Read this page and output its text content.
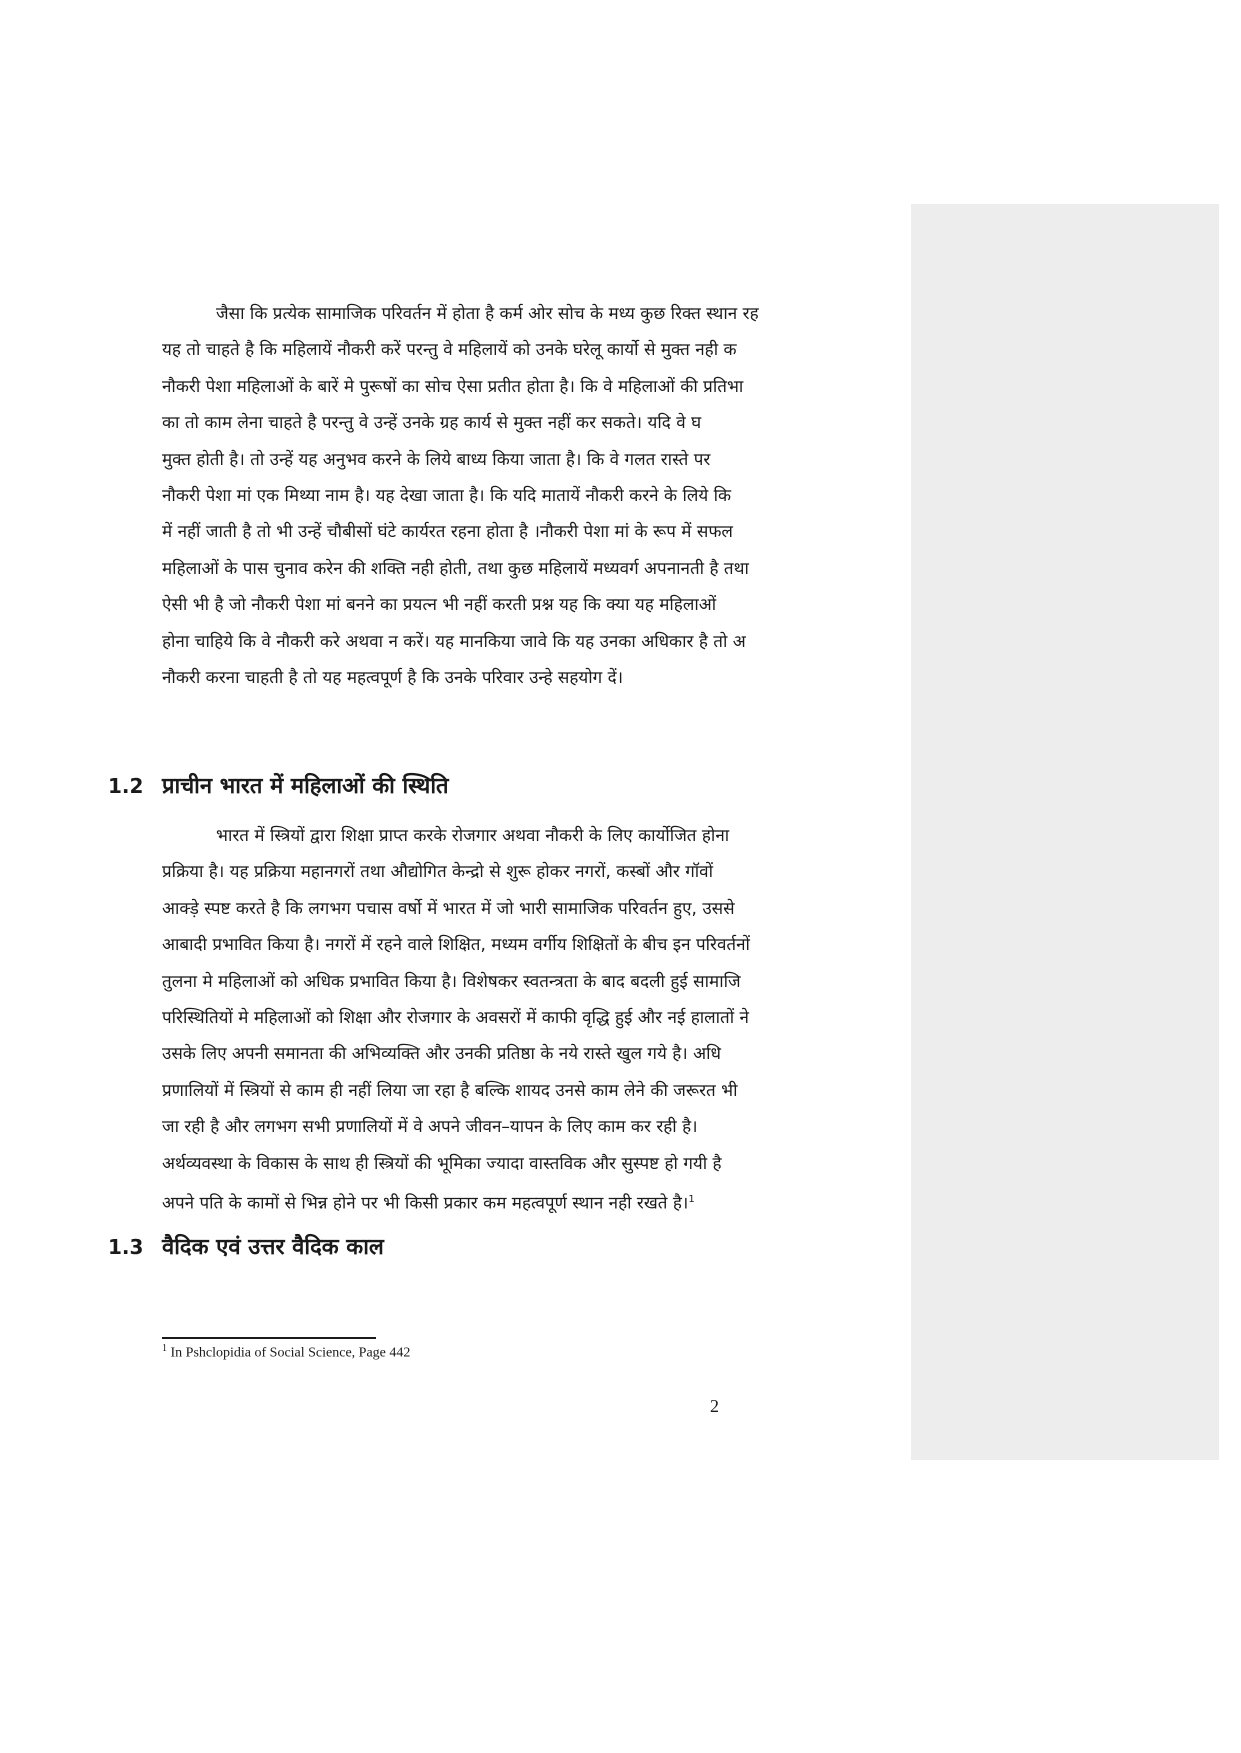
जैसा कि प्रत्येक सामाजिक परिवर्तन में होता है कर्म ओर सोच के मध्य कुछ रिक्त स्थान रह
यह तो चाहते है कि महिलायें नौकरी करें परन्तु वे महिलायें को उनके घरेलू कार्यो से मुक्त नही क
नौकरी पेशा महिलाओं के बारें मे पुरूषों का सोच ऐसा प्रतीत होता है। कि वे महिलाओं की प्रतिभा
का तो काम लेना चाहते है परन्तु वे उन्हें उनके ग्रह कार्य से मुक्त नहीं कर सकते। यदि वे घ
मुक्त होती है। तो उन्हें यह अनुभव करने के लिये बाध्य किया जाता है। कि वे गलत रास्ते पर
नौकरी पेशा मां एक मिथ्या नाम है। यह देखा जाता है। कि यदि मातायें नौकरी करने के लिये कि
में नहीं जाती है तो भी उन्हें चौबीसों घंटे कार्यरत रहना होता है ।नौकरी पेशा मां के रूप में सफल
महिलाओं के पास चुनाव करेन की शक्ति नही होती, तथा कुछ महिलायें मध्यवर्ग अपनानती है तथा
ऐसी भी है जो नौकरी पेशा मां बनने का प्रयत्न भी नहीं करती प्रश्न यह कि क्या यह महिलाओं
होना चाहिये कि वे नौकरी करे अथवा न करें। यह मानकिया जावे कि यह उनका अधिकार है तो अ
नौकरी करना चाहती है तो यह महत्वपूर्ण है कि उनके परिवार उन्हे सहयोग दें।
1.2 प्राचीन भारत में महिलाओं की स्थिति
भारत में स्त्रियों द्वारा शिक्षा प्राप्त करके रोजगार अथवा नौकरी के लिए कार्योजित होना
प्रक्रिया है। यह प्रक्रिया महानगरों तथा औद्योगित केन्द्रो से शुरू होकर नगरों, कस्बों और गॉवों
आक्ड़े स्पष्ट करते है कि लगभग पचास वर्षो में भारत में जो भारी सामाजिक परिवर्तन हुए, उससे
आबादी प्रभावित किया है। नगरों में रहने वाले शिक्षित, मध्यम वर्गीय शिक्षितों के बीच इन परिवर्तनों
तुलना मे महिलाओं को अधिक प्रभावित किया है। विशेषकर स्वतन्त्रता के बाद बदली हुई सामाजि
परिस्थितियों मे महिलाओं को शिक्षा और रोजगार के अवसरों में काफी वृद्धि हुई और नई हालातों ने
उसके लिए अपनी समानता की अभिव्यक्ति और उनकी प्रतिष्ठा के नये रास्ते खुल गये है। अधि
प्रणालियों में स्त्रियों से काम ही नहीं लिया जा रहा है बल्कि शायद उनसे काम लेने की जरूरत भी
जा रही है और लगभग सभी प्रणालियों में वे अपने जीवन–यापन के लिए काम कर रही है।
अर्थव्यवस्था के विकास के साथ ही स्त्रियों की भूमिका ज्यादा वास्तविक और सुस्पष्ट हो गयी है
अपने पति के कामों से भिन्न होने पर भी किसी प्रकार कम महत्वपूर्ण स्थान नही रखते है।$^1$
1.3 वैदिक एवं उत्तर वैदिक काल
$^1$ In Pshclopidia of Social Science, Page 442
2
